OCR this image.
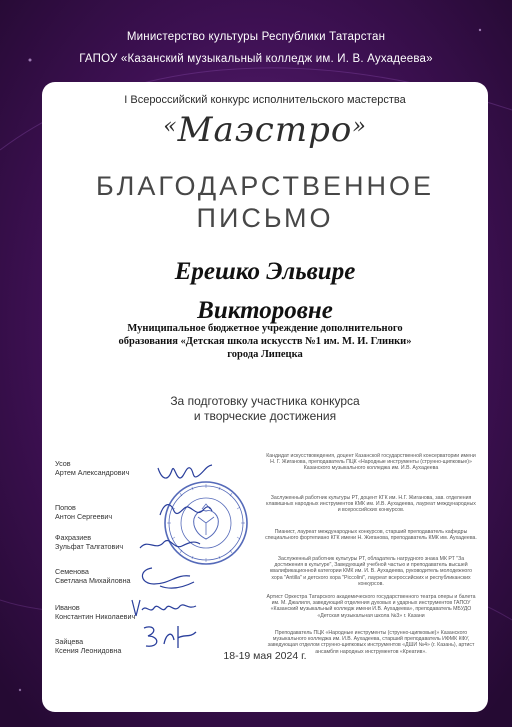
Министерство культуры Республики Татарстан
ГАПОУ «Казанский музыкальный колледж им. И. В. Аухадеева»
I Всероссийский конкурс исполнительского мастерства
«Маэстро»
БЛАГОДАРСТВЕННОЕ
ПИСЬМО
Ерешко Эльвире
Викторовне
Муниципальное бюджетное учреждение дополнительного образования «Детская школа искусств №1 им. М. И. Глинки» города Липецка
За подготовку участника конкурса
и творческие достижения
Усов
Артем Александрович
Кандидат искусствоведения, доцент Казанской государственной консерватории имени Н. Г. Жиганова, преподаватель ПЦК «Народные инструменты (струнно-щипковые)» Казанского музыкального колледжа им. И.В. Аухадеева
Попов
Антон Сергеевич
Заслуженный работник культуры РТ, доцент КГК им. Н.Г. Жиганова, зав. отделения клавишных народных инструментов КМК им. И.В. Аухадеева, лауреат международных и всероссийских конкурсов.
Фахразиев
Зульфат Талгатович
Пианист, лауреат международных конкурсов, старший преподаватель кафедры специального фортепиано КГК имени Н. Жиганова, преподаватель КМК им. Аухадеева.
Семенова
Светлана Михайловна
Заслуженный работник культуры РТ, обладатель нагрудного знака МК РТ "За достижения в культуре", Заведующий учебной частью и преподаватель высшей квалификационной категории КМК им. И. В. Аухадеева, руководитель молодежного хора "Antilla" и детского хора "Piccolini", лауреат всероссийских и республиканских конкурсов.
Иванов
Константин Николаевич
Артист Оркестра Татарского академического государственного театра оперы и балета им. М. Джалиля, заведующий отделения духовых и ударных инструментов ГАПОУ «Казанский музыкальный колледж имени И.В. Аухадеева», преподаватель МБУДО «Детская музыкальная школа №3» г. Казани
Зайцева
Ксения Леонидовна
Преподаватель ПЦК «Народные инструменты (струнно-щипковые)» Казанского музыкального колледжа им. И.В. Аухадеева, старший преподаватель ИФМК КФУ, заведующая отделом струнно-щипковых инструментов «ДШИ №4» (г. Казань), артист ансамбля народных инструментов «Креатив».
18-19 мая 2024 г.
